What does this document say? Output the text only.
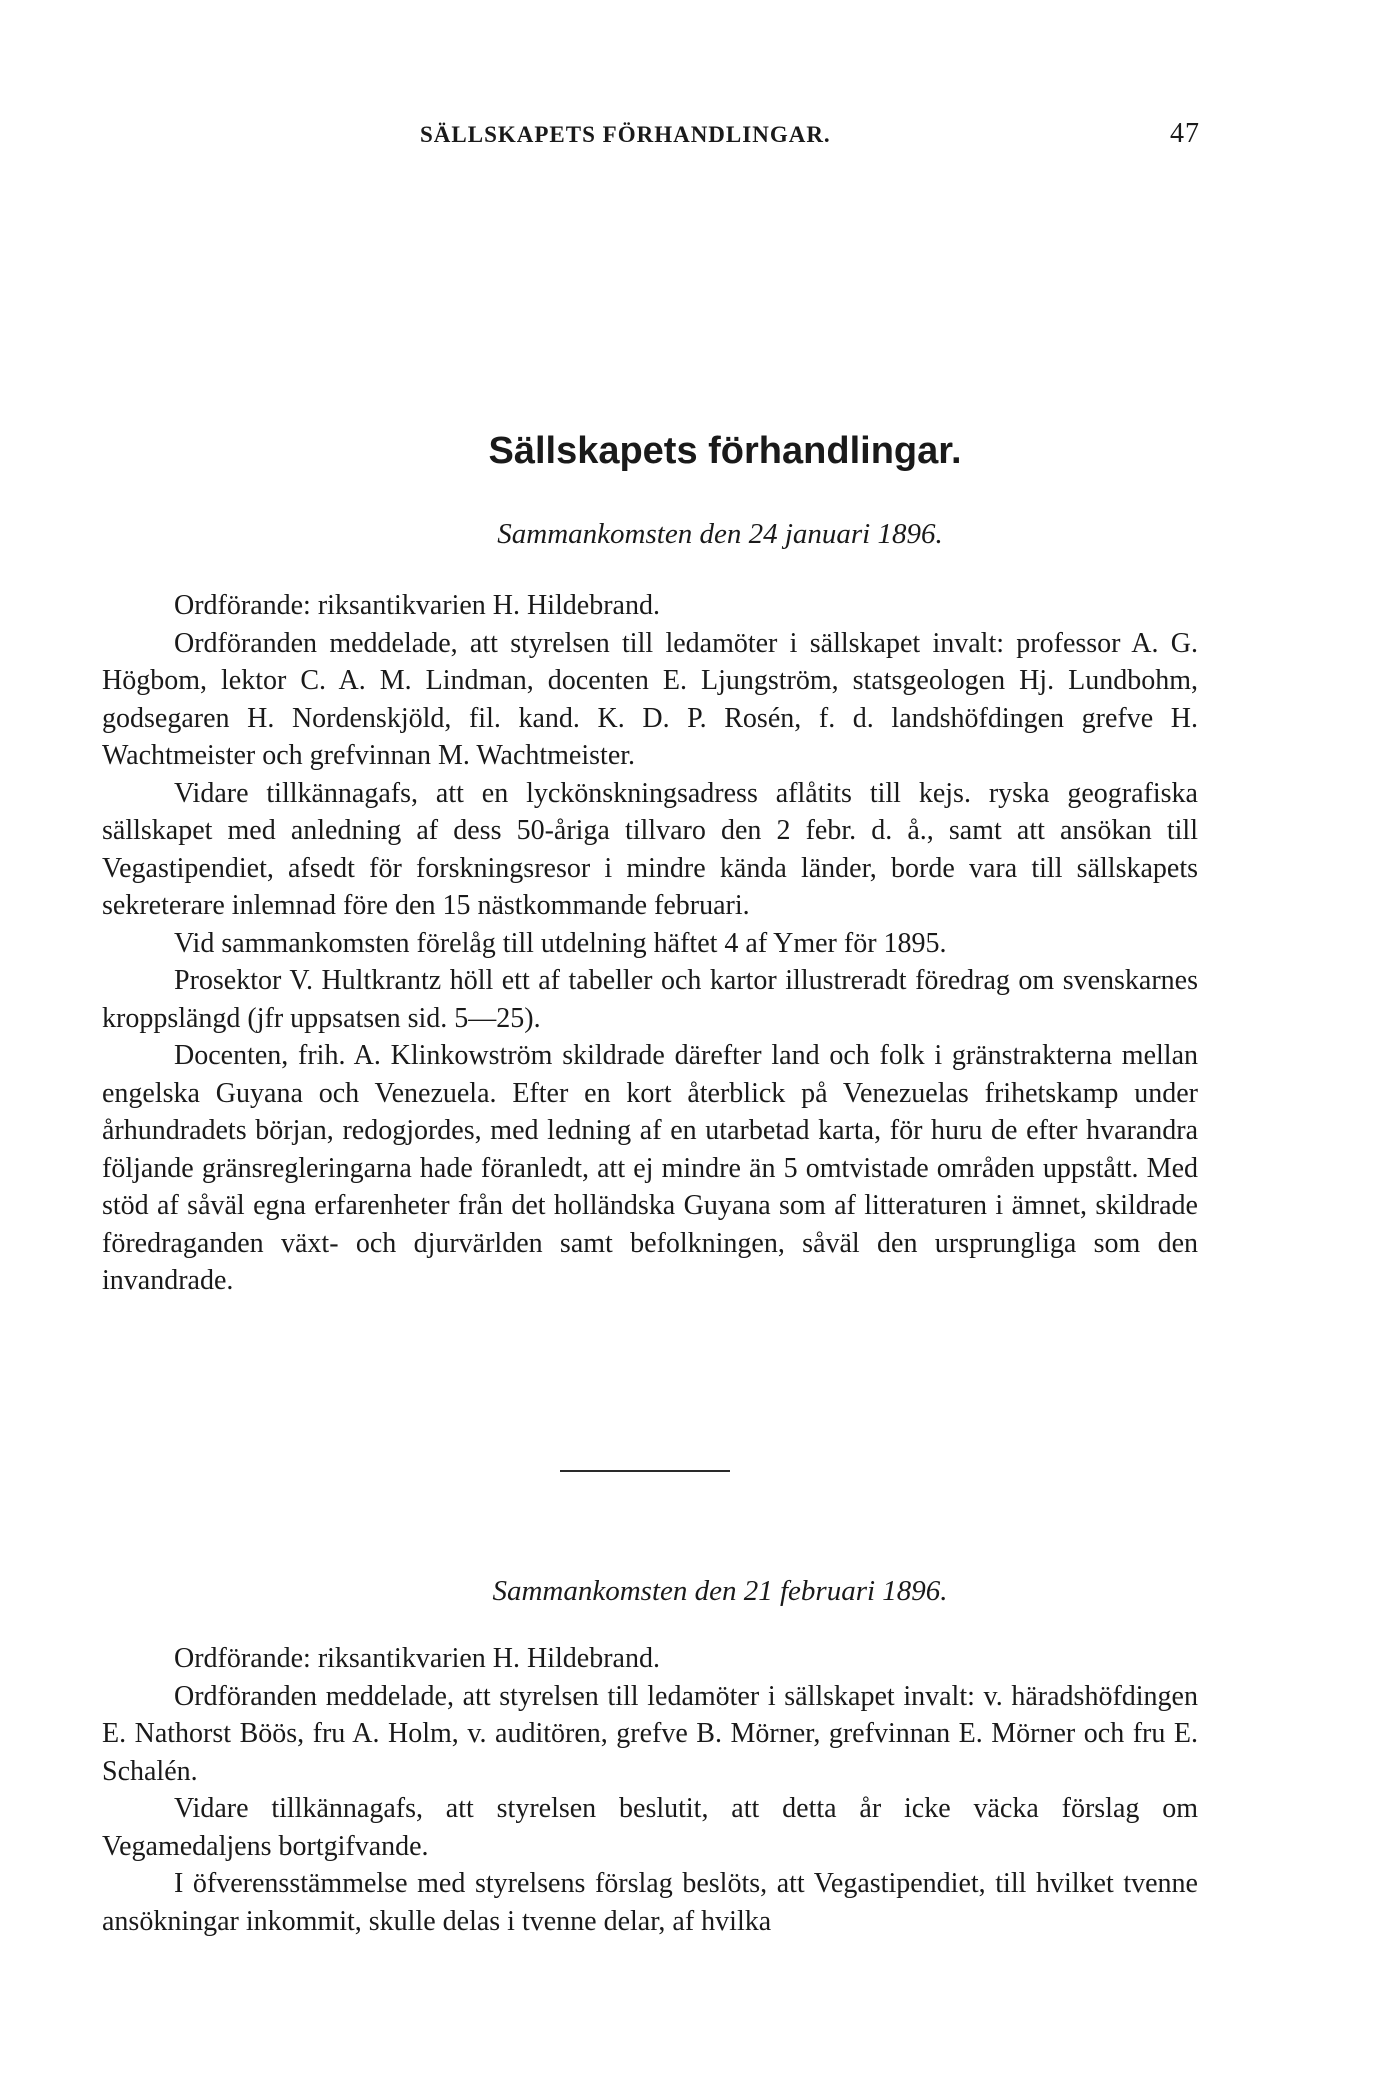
SÄLLSKAPETS FÖRHANDLINGAR.	47
Sällskapets förhandlingar.
Sammankomsten den 24 januari 1896.

Ordförande: riksantikvarien H. Hildebrand.

Ordföranden meddelade, att styrelsen till ledamöter i sällskapet invalt: professor A. G. Högbom, lektor C. A. M. Lindman, docenten E. Ljungström, statsgeologen Hj. Lundbohm, godsegaren H. Nordenskjöld, fil. kand. K. D. P. Rosén, f. d. landshöfdingen grefve H. Wachtmeister och grefvinnan M. Wachtmeister.

Vidare tillkännagafs, att en lyckönskningsadress aflåtits till kejs. ryska geografiska sällskapet med anledning af dess 50-åriga tillvaro den 2 febr. d. å., samt att ansökan till Vegastipendiet, afsedt för forskningsresor i mindre kända länder, borde vara till sällskapets sekreterare inlemnad före den 15 nästkommande februari.

Vid sammankomsten förelåg till utdelning häftet 4 af Ymer för 1895.

Prosektor V. Hultkrantz höll ett af tabeller och kartor illustreradt föredrag om svenskarnes kroppslängd (jfr uppsatsen sid. 5—25).

Docenten, frih. A. Klinkowström skildrade därefter land och folk i gränstrakterna mellan engelska Guyana och Venezuela. Efter en kort återblick på Venezuelas frihetskamp under århundradets början, redogjordes, med ledning af en utarbetad karta, för huru de efter hvarandra följande gränsregleringarna hade föranledt, att ej mindre än 5 omtvistade områden uppstått. Med stöd af såväl egna erfarenheter från det holländska Guyana som af litteraturen i ämnet, skildrade föredraganden växt- och djurvärlden samt befolkningen, såväl den ursprungliga som den invandrade.

Sammankomsten den 21 februari 1896.

Ordförande: riksantikvarien H. Hildebrand.

Ordföranden meddelade, att styrelsen till ledamöter i sällskapet invalt: v. häradshöfdingen E. Nathorst Böös, fru A. Holm, v. auditören, grefve B. Mörner, grefvinnan E. Mörner och fru E. Schalén.

Vidare tillkännagafs, att styrelsen beslutit, att detta år icke väcka förslag om Vegamedaljens bortgifvande.

I öfverensstämmelse med styrelsens förslag beslöts, att Vegastipendiet, till hvilket tvenne ansökningar inkommit, skulle delas i tvenne delar, af hvilka
